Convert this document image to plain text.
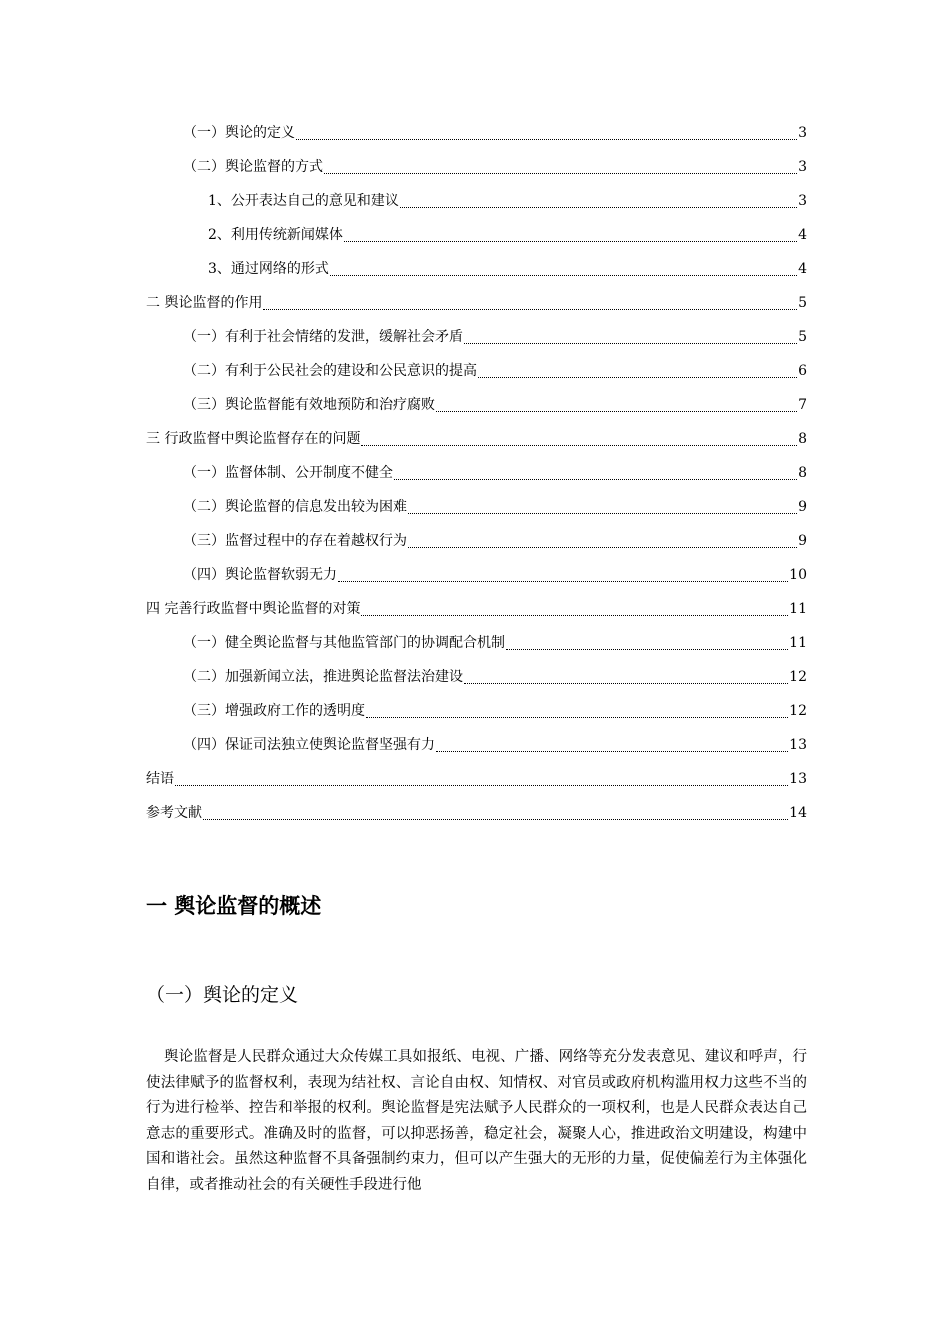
（一）舆论的定义	3
（二）舆论监督的方式	3
1、公开表达自己的意见和建议	3
2、利用传统新闻媒体	4
3、通过网络的形式	4
二 舆论监督的作用	5
（一）有利于社会情绪的发泄，缓解社会矛盾	5
（二）有利于公民社会的建设和公民意识的提高	6
（三）舆论监督能有效地预防和治疗腐败	7
三 行政监督中舆论监督存在的问题	8
（一）监督体制、公开制度不健全	8
（二）舆论监督的信息发出较为困难	9
（三）监督过程中的存在着越权行为	9
（四）舆论监督软弱无力	10
四 完善行政监督中舆论监督的对策	11
（一）健全舆论监督与其他监管部门的协调配合机制	11
（二）加强新闻立法，推进舆论监督法治建设	12
（三）增强政府工作的透明度	12
（四）保证司法独立使舆论监督坚强有力	13
结语	13
参考文献	14
一 舆论监督的概述
（一）舆论的定义

舆论监督是人民群众通过大众传媒工具如报纸、电视、广播、网络等充分发表意见、建议和呼声，行使法律赋予的监督权利，表现为结社权、言论自由权、知情权、对官员或政府机构滥用权力这些不当的行为进行检举、控告和举报的权利。舆论监督是宪法赋予人民群众的一项权利，也是人民群众表达自己意志的重要形式。准确及时的监督，可以抑恶扬善，稳定社会，凝聚人心，推进政治文明建设，构建中国和谐社会。虽然这种监督不具备强制约束力，但可以产生强大的无形的力量，促使偏差行为主体强化自律，或者推动社会的有关硬性手段进行他
